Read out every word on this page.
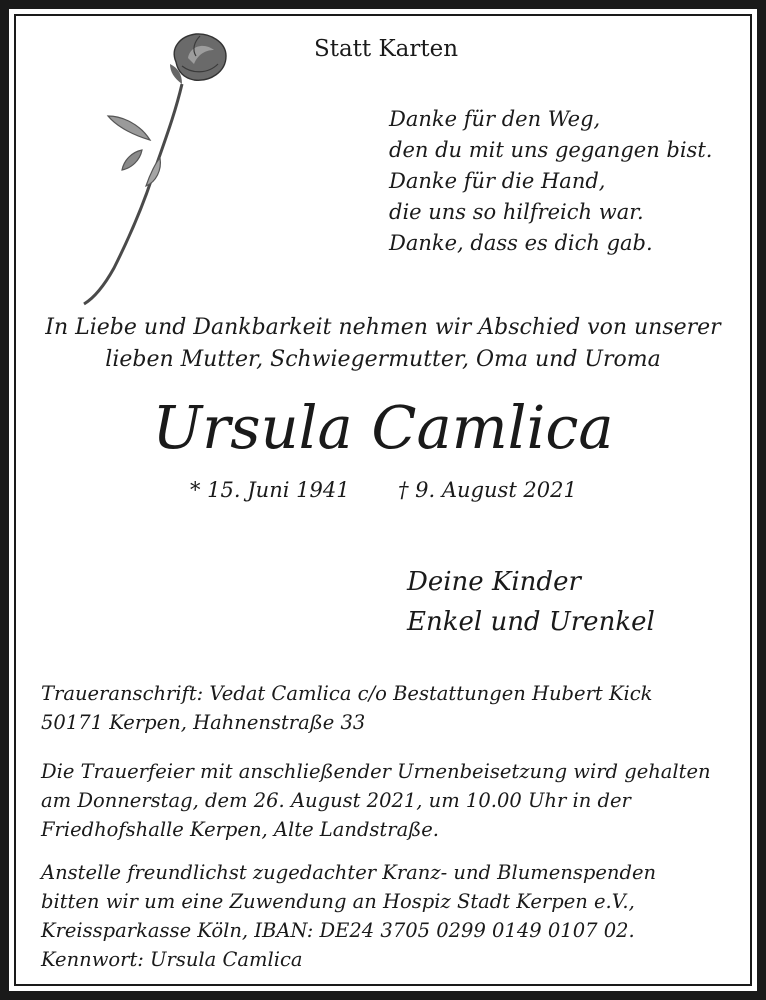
Statt Karten
Danke für den Weg,
den du mit uns gegangen bist.
Danke für die Hand,
die uns so hilfreich war.
Danke, dass es dich gab.
In Liebe und Dankbarkeit nehmen wir Abschied von unserer
lieben Mutter, Schwiegermutter, Oma und Uroma
Ursula Camlica
* 15. Juni 1941 † 9. August 2021
Deine Kinder
Enkel und Urenkel
Traueranschrift: Vedat Camlica c/o Bestattungen Hubert Kick
50171 Kerpen, Hahnenstraße 33
Die Trauerfeier mit anschließender Urnenbeisetzung wird gehalten
am Donnerstag, dem 26. August 2021, um 10.00 Uhr in der
Friedhofshalle Kerpen, Alte Landstraße.
Anstelle freundlichst zugedachter Kranz- und Blumenspenden
bitten wir um eine Zuwendung an Hospiz Stadt Kerpen e.V.,
Kreissparkasse Köln, IBAN: DE24 3705 0299 0149 0107 02.
Kennwort: Ursula Camlica
